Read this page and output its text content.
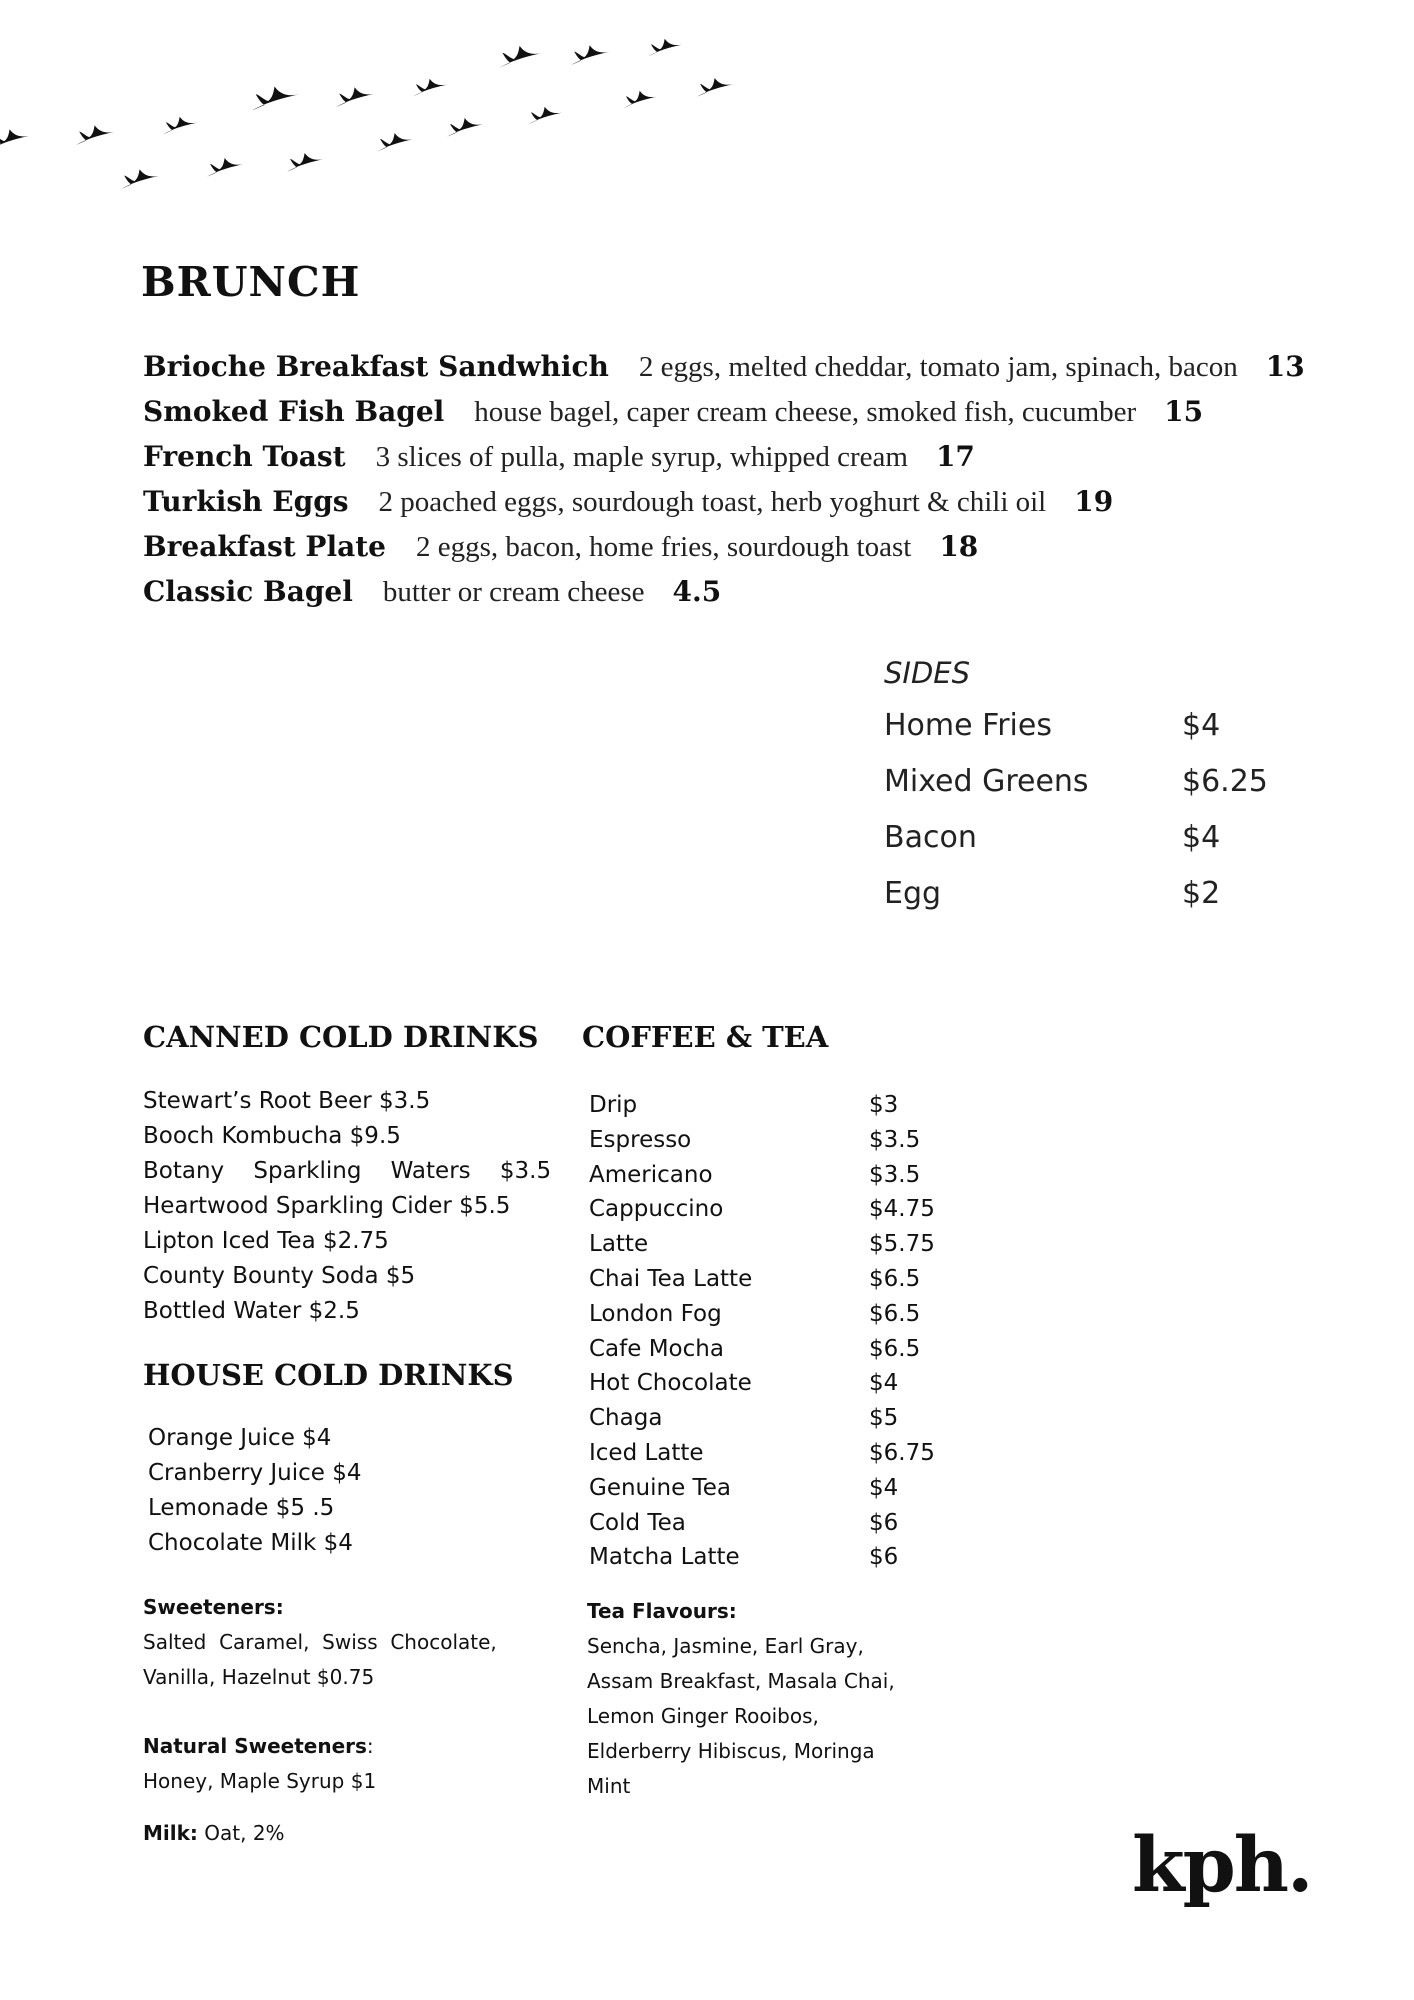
BRUNCH
Brioche Breakfast Sandwhich 2 eggs, melted cheddar, tomato jam, spinach, bacon 13
Smoked Fish Bagel house bagel, caper cream cheese, smoked fish, cucumber 15
French Toast 3 slices of pulla, maple syrup, whipped cream 17
Turkish Eggs 2 poached eggs, sourdough toast, herb yoghurt & chili oil 19
Breakfast Plate 2 eggs, bacon, home fries, sourdough toast 18
Classic Bagel butter or cream cheese 4.5
SIDES
Home Fries	$4
Mixed Greens	$6.25
Bacon	$4
Egg	$2
CANNED COLD DRINKS
Stewart’s Root Beer $3.5
Booch Kombucha $9.5
Botany    Sparkling    Waters    $3.5
Heartwood Sparkling Cider $5.5
Lipton Iced Tea $2.75
County Bounty Soda $5
Bottled Water $2.5
HOUSE COLD DRINKS
Orange Juice $4
Cranberry Juice $4
Lemonade $5 .5
Chocolate Milk $4
Sweeteners:
Salted  Caramel,  Swiss  Chocolate,
Vanilla, Hazelnut $0.75
Natural Sweeteners:
Honey, Maple Syrup $1
Milk: Oat, 2%
COFFEE & TEA
Drip	$3
Espresso	$3.5
Americano	$3.5
Cappuccino	$4.75
Latte	$5.75
Chai Tea Latte	$6.5
London Fog	$6.5
Cafe Mocha	$6.5
Hot Chocolate	$4
Chaga	$5
Iced Latte	$6.75
Genuine Tea	$4
Cold Tea	$6
Matcha Latte	$6
Tea Flavours:
Sencha, Jasmine, Earl Gray,
Assam Breakfast, Masala Chai,
Lemon Ginger Rooibos,
Elderberry Hibiscus, Moringa
Mint
kph.
